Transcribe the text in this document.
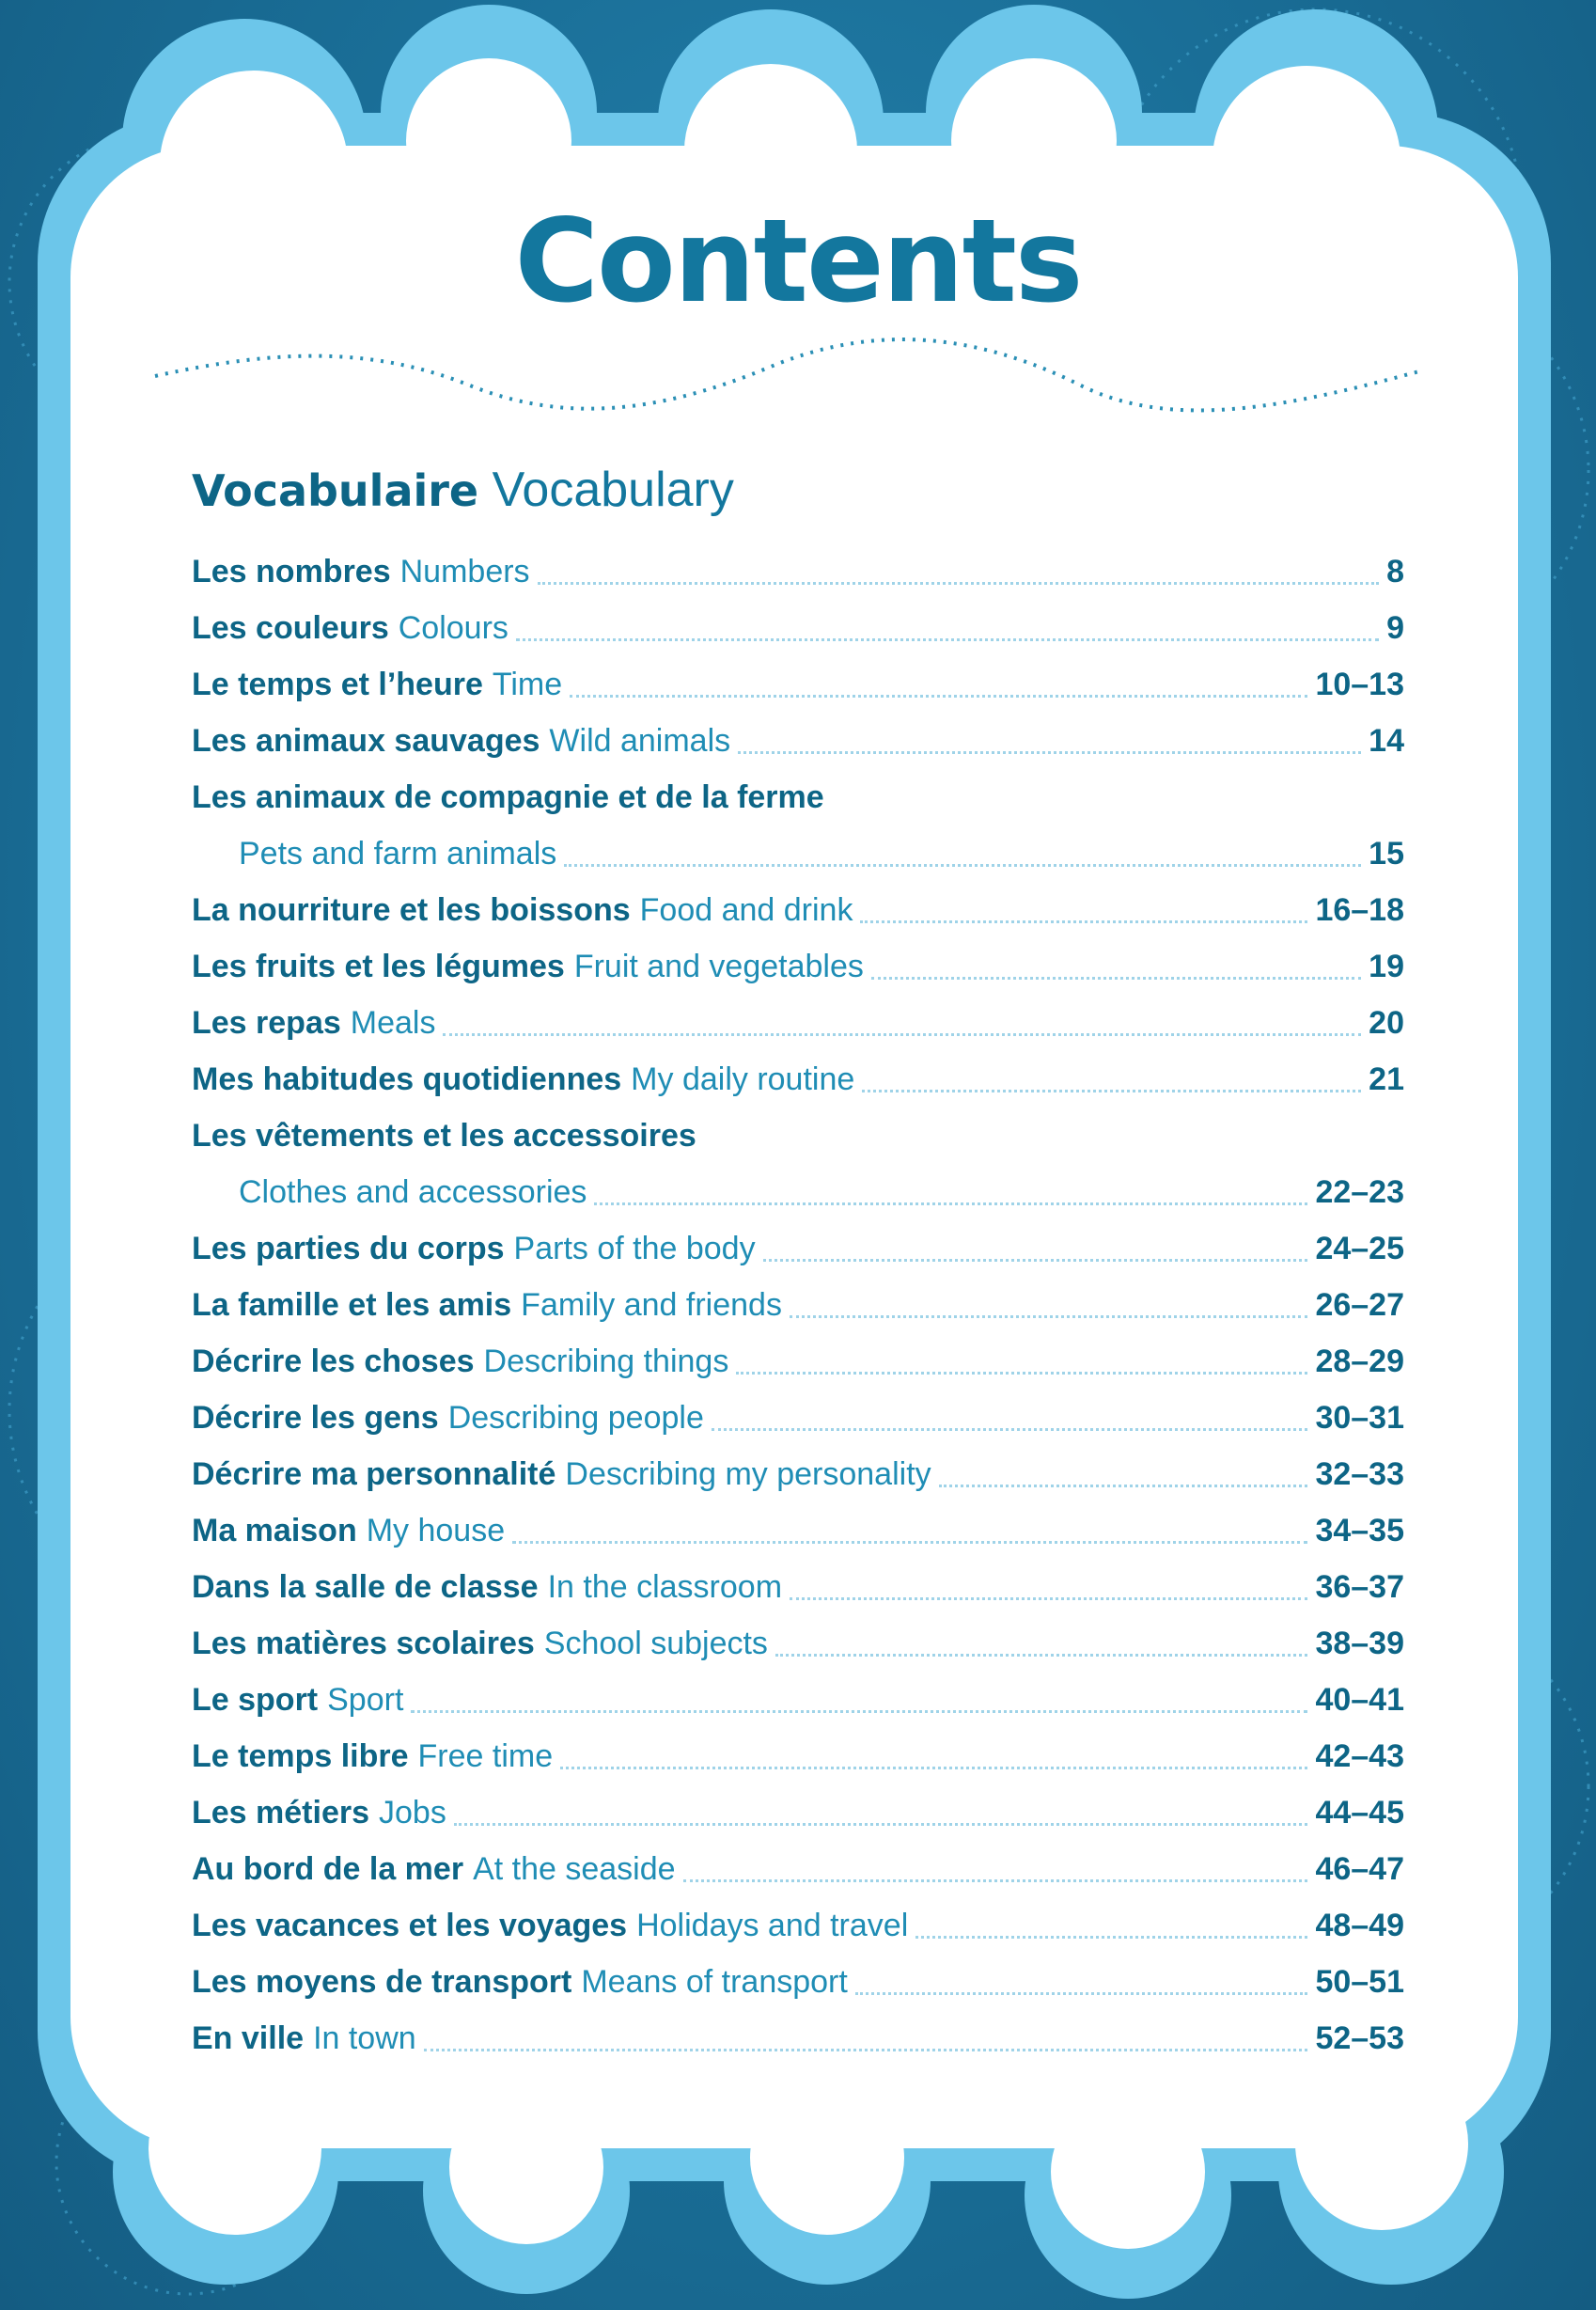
Contents
Vocabulaire Vocabulary
Les nombres Numbers	8
Les couleurs Colours	9
Le temps et l’heure Time	10–13
Les animaux sauvages Wild animals	14
Les animaux de compagnie et de la ferme
Pets and farm animals	15
La nourriture et les boissons Food and drink	16–18
Les fruits et les légumes Fruit and vegetables	19
Les repas Meals	20
Mes habitudes quotidiennes My daily routine	21
Les vêtements et les accessoires
Clothes and accessories	22–23
Les parties du corps Parts of the body	24–25
La famille et les amis Family and friends	26–27
Décrire les choses Describing things	28–29
Décrire les gens Describing people	30–31
Décrire ma personnalité Describing my personality	32–33
Ma maison My house	34–35
Dans la salle de classe In the classroom	36–37
Les matières scolaires School subjects	38–39
Le sport Sport	40–41
Le temps libre Free time	42–43
Les métiers Jobs	44–45
Au bord de la mer At the seaside	46–47
Les vacances et les voyages Holidays and travel	48–49
Les moyens de transport Means of transport	50–51
En ville In town	52–53
